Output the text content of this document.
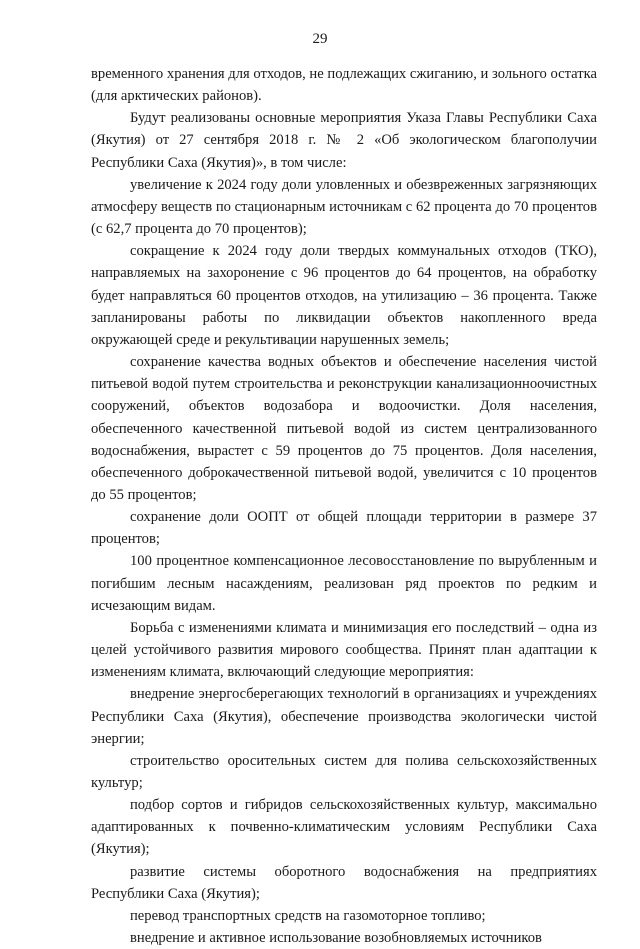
29

временного хранения для отходов, не подлежащих сжиганию, и зольного остатка (для арктических районов).

Будут реализованы основные мероприятия Указа Главы Республики Саха (Якутия) от 27 сентября 2018 г. № 2 «Об экологическом благополучии Республики Саха (Якутия)», в том числе:

увеличение к 2024 году доли уловленных и обезвреженных загрязняющих атмосферу веществ по стационарным источникам с 62 процента до 70 процентов (с 62,7 процента до 70 процентов);

сокращение к 2024 году доли твердых коммунальных отходов (ТКО), направляемых на захоронение с 96 процентов до 64 процентов, на обработку будет направляться 60 процентов отходов, на утилизацию – 36 процента. Также запланированы работы по ликвидации объектов накопленного вреда окружающей среде и рекультивации нарушенных земель;

сохранение качества водных объектов и обеспечение населения чистой питьевой водой путем строительства и реконструкции канализационноочистных сооружений, объектов водозабора и водоочистки. Доля населения, обеспеченного качественной питьевой водой из систем централизованного водоснабжения, вырастет с 59 процентов до 75 процентов. Доля населения, обеспеченного доброкачественной питьевой водой, увеличится с 10 процентов до 55 процентов;

сохранение доли ООПТ от общей площади территории в размере 37 процентов;

100 процентное компенсационное лесовосстановление по вырубленным и погибшим лесным насаждениям, реализован ряд проектов по редким и исчезающим видам.

Борьба с изменениями климата и минимизация его последствий – одна из целей устойчивого развития мирового сообщества. Принят план адаптации к изменениям климата, включающий следующие мероприятия:

внедрение энергосберегающих технологий в организациях и учреждениях Республики Саха (Якутия), обеспечение производства экологически чистой энергии;

строительство оросительных систем для полива сельскохозяйственных культур;

подбор сортов и гибридов сельскохозяйственных культур, максимально адаптированных к почвенно-климатическим условиям Республики Саха (Якутия);

развитие системы оборотного водоснабжения на предприятиях Республики Саха (Якутия);

перевод транспортных средств на газомоторное топливо;

внедрение и активное использование возобновляемых источников
